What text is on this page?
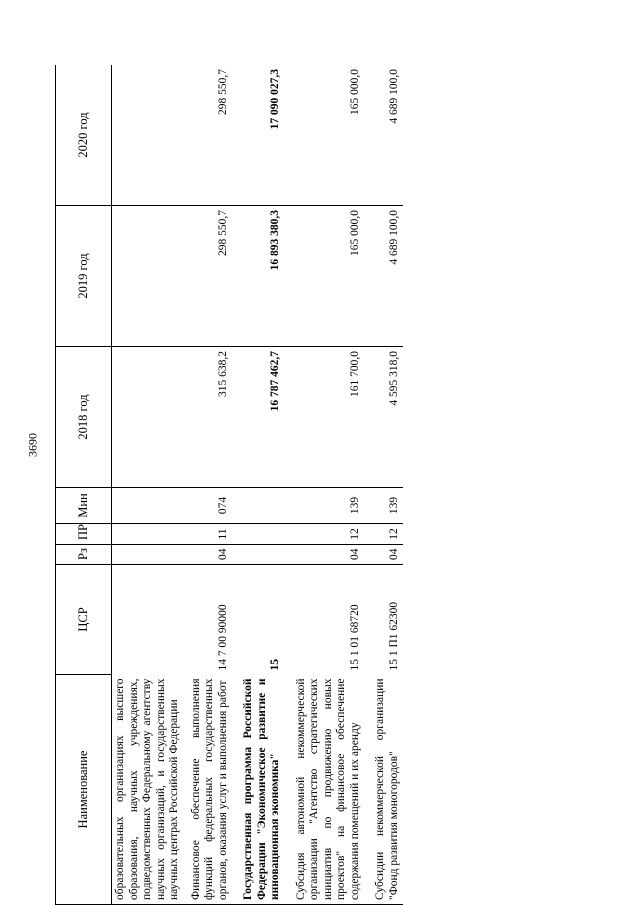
3690
Наименование	ЦСР	Рз	ПР	Мин	2018 год	2019 год	2020 год
образовательных организациях высшего образования, научных учреждениях, подведомственных Федеральному агентству научных организаций, и государственных научных центрах Российской Федерации							
Финансовое обеспечение выполнения функций федеральных государственных органов, оказания услуг и выполнения работ	14 7 00 90000	04	11	074	315 638,2	298 550,7	298 550,7
Государственная программа Российской Федерации "Экономическое развитие и инновационная экономика"	15				16 787 462,7	16 893 380,3	17 090 027,3
Субсидия автономной некоммерческой организации "Агентство стратегических инициатив по продвижению новых проектов" на финансовое обеспечение содержания помещений и их аренду	15 1 01 68720	04	12	139	161 700,0	165 000,0	165 000,0
Субсидии некоммерческой организации "Фонд развития моногородов"	15 1 П1 62300	04	12	139	4 595 318,0	4 689 100,0	4 689 100,0
